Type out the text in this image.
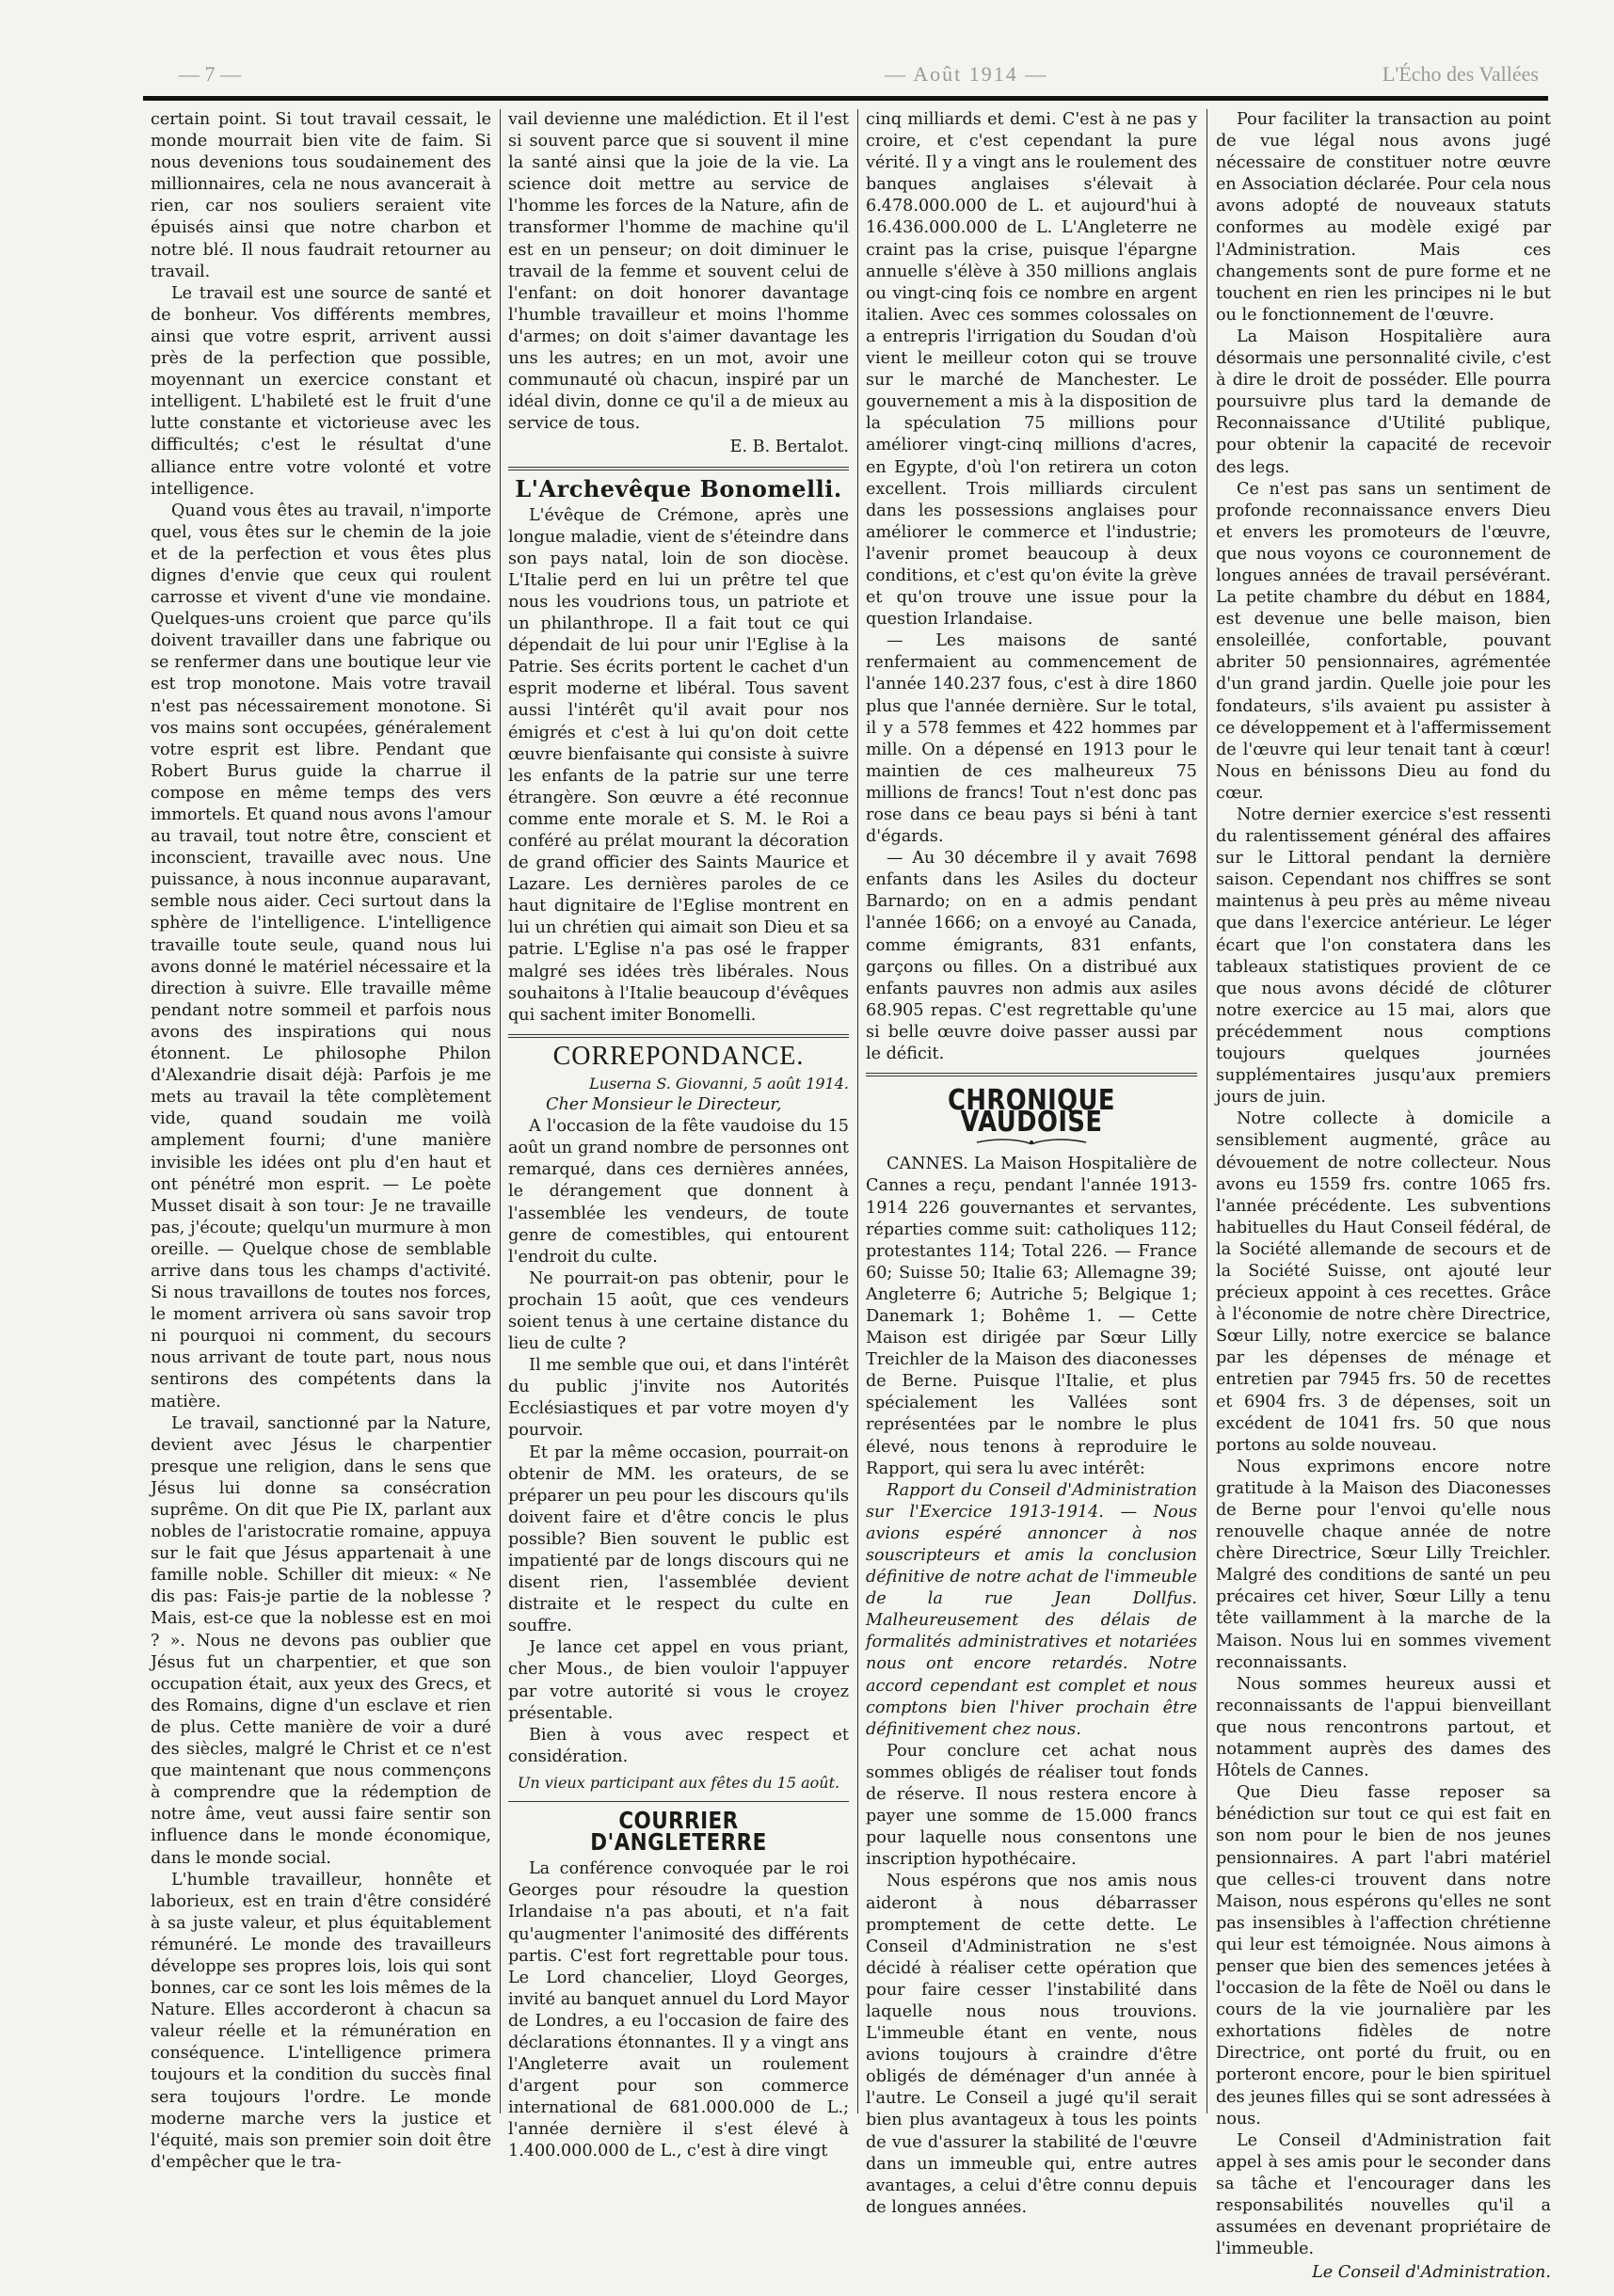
— 7 —	— Août 1914 —	L'Écho des Vallées

certain point. Si tout travail cessait, le monde mourrait bien vite de faim. Si nous devenions tous soudainement des millionnaires, cela ne nous avancerait à rien, car nos souliers seraient vite épuisés ainsi que notre charbon et notre blé. Il nous faudrait retourner au travail.

Le travail est une source de santé et de bonheur. Vos différents membres, ainsi que votre esprit, arrivent aussi près de la perfection que possible, moyennant un exercice constant et intelligent. L'habileté est le fruit d'une lutte constante et victorieuse avec les difficultés; c'est le résultat d'une alliance entre votre volonté et votre intelligence.

Quand vous êtes au travail, n'importe quel, vous êtes sur le chemin de la joie et de la perfection et vous êtes plus dignes d'envie que ceux qui roulent carrosse et vivent d'une vie mondaine. Quelques-uns croient que parce qu'ils doivent travailler dans une fabrique ou se renfermer dans une boutique leur vie est trop monotone. Mais votre travail n'est pas nécessairement monotone. Si vos mains sont occupées, généralement votre esprit est libre. Pendant que Robert Burus guide la charrue il compose en même temps des vers immortels. Et quand nous avons l'amour au travail, tout notre être, conscient et inconscient, travaille avec nous. Une puissance, à nous inconnue auparavant, semble nous aider. Ceci surtout dans la sphère de l'intelligence. L'intelligence travaille toute seule, quand nous lui avons donné le matériel nécessaire et la direction à suivre. Elle travaille même pendant notre sommeil et parfois nous avons des inspirations qui nous étonnent. Le philosophe Philon d'Alexandrie disait déjà: Parfois je me mets au travail la tête complètement vide, quand soudain me voilà amplement fourni; d'une manière invisible les idées ont plu d'en haut et ont pénétré mon esprit. — Le poète Musset disait à son tour: Je ne travaille pas, j'écoute; quelqu'un murmure à mon oreille. — Quelque chose de semblable arrive dans tous les champs d'activité. Si nous travaillons de toutes nos forces, le moment arrivera où sans savoir trop ni pourquoi ni comment, du secours nous arrivant de toute part, nous nous sentirons des compétents dans la matière.

Le travail, sanctionné par la Nature, devient avec Jésus le charpentier presque une religion, dans le sens que Jésus lui donne sa consécration suprême. On dit que Pie IX, parlant aux nobles de l'aristocratie romaine, appuya sur le fait que Jésus appartenait à une famille noble. Schiller dit mieux: « Ne dis pas: Fais-je partie de la noblesse ? Mais, est-ce que la noblesse est en moi ? ». Nous ne devons pas oublier que Jésus fut un charpentier, et que son occupation était, aux yeux des Grecs, et des Romains, digne d'un esclave et rien de plus. Cette manière de voir a duré des siècles, malgré le Christ et ce n'est que maintenant que nous commençons à comprendre que la rédemption de notre âme, veut aussi faire sentir son influence dans le monde économique, dans le monde social.

L'humble travailleur, honnête et laborieux, est en train d'être considéré à sa juste valeur, et plus équitablement rémunéré. Le monde des travailleurs développe ses propres lois, lois qui sont bonnes, car ce sont les lois mêmes de la Nature. Elles accorderont à chacun sa valeur réelle et la rémunération en conséquence. L'intelligence primera toujours et la condition du succès final sera toujours l'ordre. Le monde moderne marche vers la justice et l'équité, mais son premier soin doit être d'empêcher que le tra-

vail devienne une malédiction. Et il l'est si souvent parce que si souvent il mine la santé ainsi que la joie de la vie. La science doit mettre au service de l'homme les forces de la Nature, afin de transformer l'homme de machine qu'il est en un penseur; on doit diminuer le travail de la femme et souvent celui de l'enfant: on doit honorer davantage l'humble travailleur et moins l'homme d'armes; on doit s'aimer davantage les uns les autres; en un mot, avoir une communauté où chacun, inspiré par un idéal divin, donne ce qu'il a de mieux au service de tous.

E. B. Bertalot.
L'Archevêque Bonomelli.

L'évêque de Crémone, après une longue maladie, vient de s'éteindre dans son pays natal, loin de son diocèse. L'Italie perd en lui un prêtre tel que nous les voudrions tous, un patriote et un philanthrope. Il a fait tout ce qui dépendait de lui pour unir l'Eglise à la Patrie. Ses écrits portent le cachet d'un esprit moderne et libéral. Tous savent aussi l'intérêt qu'il avait pour nos émigrés et c'est à lui qu'on doit cette œuvre bienfaisante qui consiste à suivre les enfants de la patrie sur une terre étrangère. Son œuvre a été reconnue comme ente morale et S. M. le Roi a conféré au prélat mourant la décoration de grand officier des Saints Maurice et Lazare. Les dernières paroles de ce haut dignitaire de l'Eglise montrent en lui un chrétien qui aimait son Dieu et sa patrie. L'Eglise n'a pas osé le frapper malgré ses idées très libérales. Nous souhaitons à l'Italie beaucoup d'évêques qui sachent imiter Bonomelli.

CORREPONDANCE.
Luserna S. Giovanni, 5 août 1914.
Cher Monsieur le Directeur,

A l'occasion de la fête vaudoise du 15 août un grand nombre de personnes ont remarqué, dans ces dernières années, le dérangement que donnent à l'assemblée les vendeurs, de toute genre de comestibles, qui entourent l'endroit du culte.

Ne pourrait-on pas obtenir, pour le prochain 15 août, que ces vendeurs soient tenus à une certaine distance du lieu de culte ?

Il me semble que oui, et dans l'intérêt du public j'invite nos Autorités Ecclésiastiques et par votre moyen d'y pourvoir.

Et par la même occasion, pourrait-on obtenir de MM. les orateurs, de se préparer un peu pour les discours qu'ils doivent faire et d'être concis le plus possible? Bien souvent le public est impatienté par de longs discours qui ne disent rien, l'assemblée devient distraite et le respect du culte en souffre.

Je lance cet appel en vous priant, cher Mous., de bien vouloir l'appuyer par votre autorité si vous le croyez présentable.

Bien à vous avec respect et considération.

Un vieux participant aux fêtes du 15 août.
COURRIER D'ANGLETERRE

La conférence convoquée par le roi Georges pour résoudre la question Irlandaise n'a pas abouti, et n'a fait qu'augmenter l'animosité des différents partis. C'est fort regrettable pour tous. Le Lord chancelier, Lloyd Georges, invité au banquet annuel du Lord Mayor de Londres, a eu l'occasion de faire des déclarations étonnantes. Il y a vingt ans l'Angleterre avait un roulement d'argent pour son commerce international de 681.000.000 de L.; l'année dernière il s'est élevé à 1.400.000.000 de L., c'est à dire vingt

cinq milliards et demi. C'est à ne pas y croire, et c'est cependant la pure vérité. Il y a vingt ans le roulement des banques anglaises s'élevait à 6.478.000.000 de L. et aujourd'hui à 16.436.000.000 de L. L'Angleterre ne craint pas la crise, puisque l'épargne annuelle s'élève à 350 millions anglais ou vingt-cinq fois ce nombre en argent italien. Avec ces sommes colossales on a entrepris l'irrigation du Soudan d'où vient le meilleur coton qui se trouve sur le marché de Manchester. Le gouvernement a mis à la disposition de la spéculation 75 millions pour améliorer vingt-cinq millions d'acres, en Egypte, d'où l'on retirera un coton excellent. Trois milliards circulent dans les possessions anglaises pour améliorer le commerce et l'industrie; l'avenir promet beaucoup à deux conditions, et c'est qu'on évite la grève et qu'on trouve une issue pour la question Irlandaise.

— Les maisons de santé renfermaient au commencement de l'année 140.237 fous, c'est à dire 1860 plus que l'année dernière. Sur le total, il y a 578 femmes et 422 hommes par mille. On a dépensé en 1913 pour le maintien de ces malheureux 75 millions de francs! Tout n'est donc pas rose dans ce beau pays si béni à tant d'égards.

— Au 30 décembre il y avait 7698 enfants dans les Asiles du docteur Barnardo; on en a admis pendant l'année 1666; on a envoyé au Canada, comme émigrants, 831 enfants, garçons ou filles. On a distribué aux enfants pauvres non admis aux asiles 68.905 repas. C'est regrettable qu'une si belle œuvre doive passer aussi par le déficit.

CHRONIQUE VAUDOISE

CANNES. La Maison Hospitalière de Cannes a reçu, pendant l'année 1913-1914 226 gouvernantes et servantes, réparties comme suit: catholiques 112; protestantes 114; Total 226. — France 60; Suisse 50; Italie 63; Allemagne 39; Angleterre 6; Autriche 5; Belgique 1; Danemark 1; Bohême 1. — Cette Maison est dirigée par Sœur Lilly Treichler de la Maison des diaconesses de Berne. Puisque l'Italie, et plus spécialement les Vallées sont représentées par le nombre le plus élevé, nous tenons à reproduire le Rapport, qui sera lu avec intérêt:

Rapport du Conseil d'Administration sur l'Exercice 1913-1914. — Nous avions espéré annoncer à nos souscripteurs et amis la conclusion définitive de notre achat de l'immeuble de la rue Jean Dollfus. Malheureusement des délais de formalités administratives et notariées nous ont encore retardés. Notre accord cependant est complet et nous comptons bien l'hiver prochain être définitivement chez nous.

Pour conclure cet achat nous sommes obligés de réaliser tout fonds de réserve. Il nous restera encore à payer une somme de 15.000 francs pour laquelle nous consentons une inscription hypothécaire.

Nous espérons que nos amis nous aideront à nous débarrasser promptement de cette dette. Le Conseil d'Administration ne s'est décidé à réaliser cette opération que pour faire cesser l'instabilité dans laquelle nous nous trouvions. L'immeuble étant en vente, nous avions toujours à craindre d'être obligés de déménager d'un année à l'autre. Le Conseil a jugé qu'il serait bien plus avantageux à tous les points de vue d'assurer la stabilité de l'œuvre dans un immeuble qui, entre autres avantages, a celui d'être connu depuis de longues années.

Pour faciliter la transaction au point de vue légal nous avons jugé nécessaire de constituer notre œuvre en Association déclarée. Pour cela nous avons adopté de nouveaux statuts conformes au modèle exigé par l'Administration. Mais ces changements sont de pure forme et ne touchent en rien les principes ni le but ou le fonctionnement de l'œuvre.

La Maison Hospitalière aura désormais une personnalité civile, c'est à dire le droit de posséder. Elle pourra poursuivre plus tard la demande de Reconnaissance d'Utilité publique, pour obtenir la capacité de recevoir des legs.

Ce n'est pas sans un sentiment de profonde reconnaissance envers Dieu et envers les promoteurs de l'œuvre, que nous voyons ce couronnement de longues années de travail persévérant. La petite chambre du début en 1884, est devenue une belle maison, bien ensoleillée, confortable, pouvant abriter 50 pensionnaires, agrémentée d'un grand jardin. Quelle joie pour les fondateurs, s'ils avaient pu assister à ce développement et à l'affermissement de l'œuvre qui leur tenait tant à cœur! Nous en bénissons Dieu au fond du cœur.

Notre dernier exercice s'est ressenti du ralentissement général des affaires sur le Littoral pendant la dernière saison. Cependant nos chiffres se sont maintenus à peu près au même niveau que dans l'exercice antérieur. Le léger écart que l'on constatera dans les tableaux statistiques provient de ce que nous avons décidé de clôturer notre exercice au 15 mai, alors que précédemment nous comptions toujours quelques journées supplémentaires jusqu'aux premiers jours de juin.

Notre collecte à domicile a sensiblement augmenté, grâce au dévouement de notre collecteur. Nous avons eu 1559 frs. contre 1065 frs. l'année précédente. Les subventions habituelles du Haut Conseil fédéral, de la Société allemande de secours et de la Société Suisse, ont ajouté leur précieux appoint à ces recettes. Grâce à l'économie de notre chère Directrice, Sœur Lilly, notre exercice se balance par les dépenses de ménage et entretien par 7945 frs. 50 de recettes et 6904 frs. 3 de dépenses, soit un excédent de 1041 frs. 50 que nous portons au solde nouveau.

Nous exprimons encore notre gratitude à la Maison des Diaconesses de Berne pour l'envoi qu'elle nous renouvelle chaque année de notre chère Directrice, Sœur Lilly Treichler. Malgré des conditions de santé un peu précaires cet hiver, Sœur Lilly a tenu tête vaillamment à la marche de la Maison. Nous lui en sommes vivement reconnaissants.

Nous sommes heureux aussi et reconnaissants de l'appui bienveillant que nous rencontrons partout, et notamment auprès des dames des Hôtels de Cannes.

Que Dieu fasse reposer sa bénédiction sur tout ce qui est fait en son nom pour le bien de nos jeunes pensionnaires. A part l'abri matériel que celles-ci trouvent dans notre Maison, nous espérons qu'elles ne sont pas insensibles à l'affection chrétienne qui leur est témoignée. Nous aimons à penser que bien des semences jetées à l'occasion de la fête de Noël ou dans le cours de la vie journalière par les exhortations fidèles de notre Directrice, ont porté du fruit, ou en porteront encore, pour le bien spirituel des jeunes filles qui se sont adressées à nous.

Le Conseil d'Administration fait appel à ses amis pour le seconder dans sa tâche et l'encourager dans les responsabilités nouvelles qu'il a assumées en devenant propriétaire de l'immeuble.

Le Conseil d'Administration.
